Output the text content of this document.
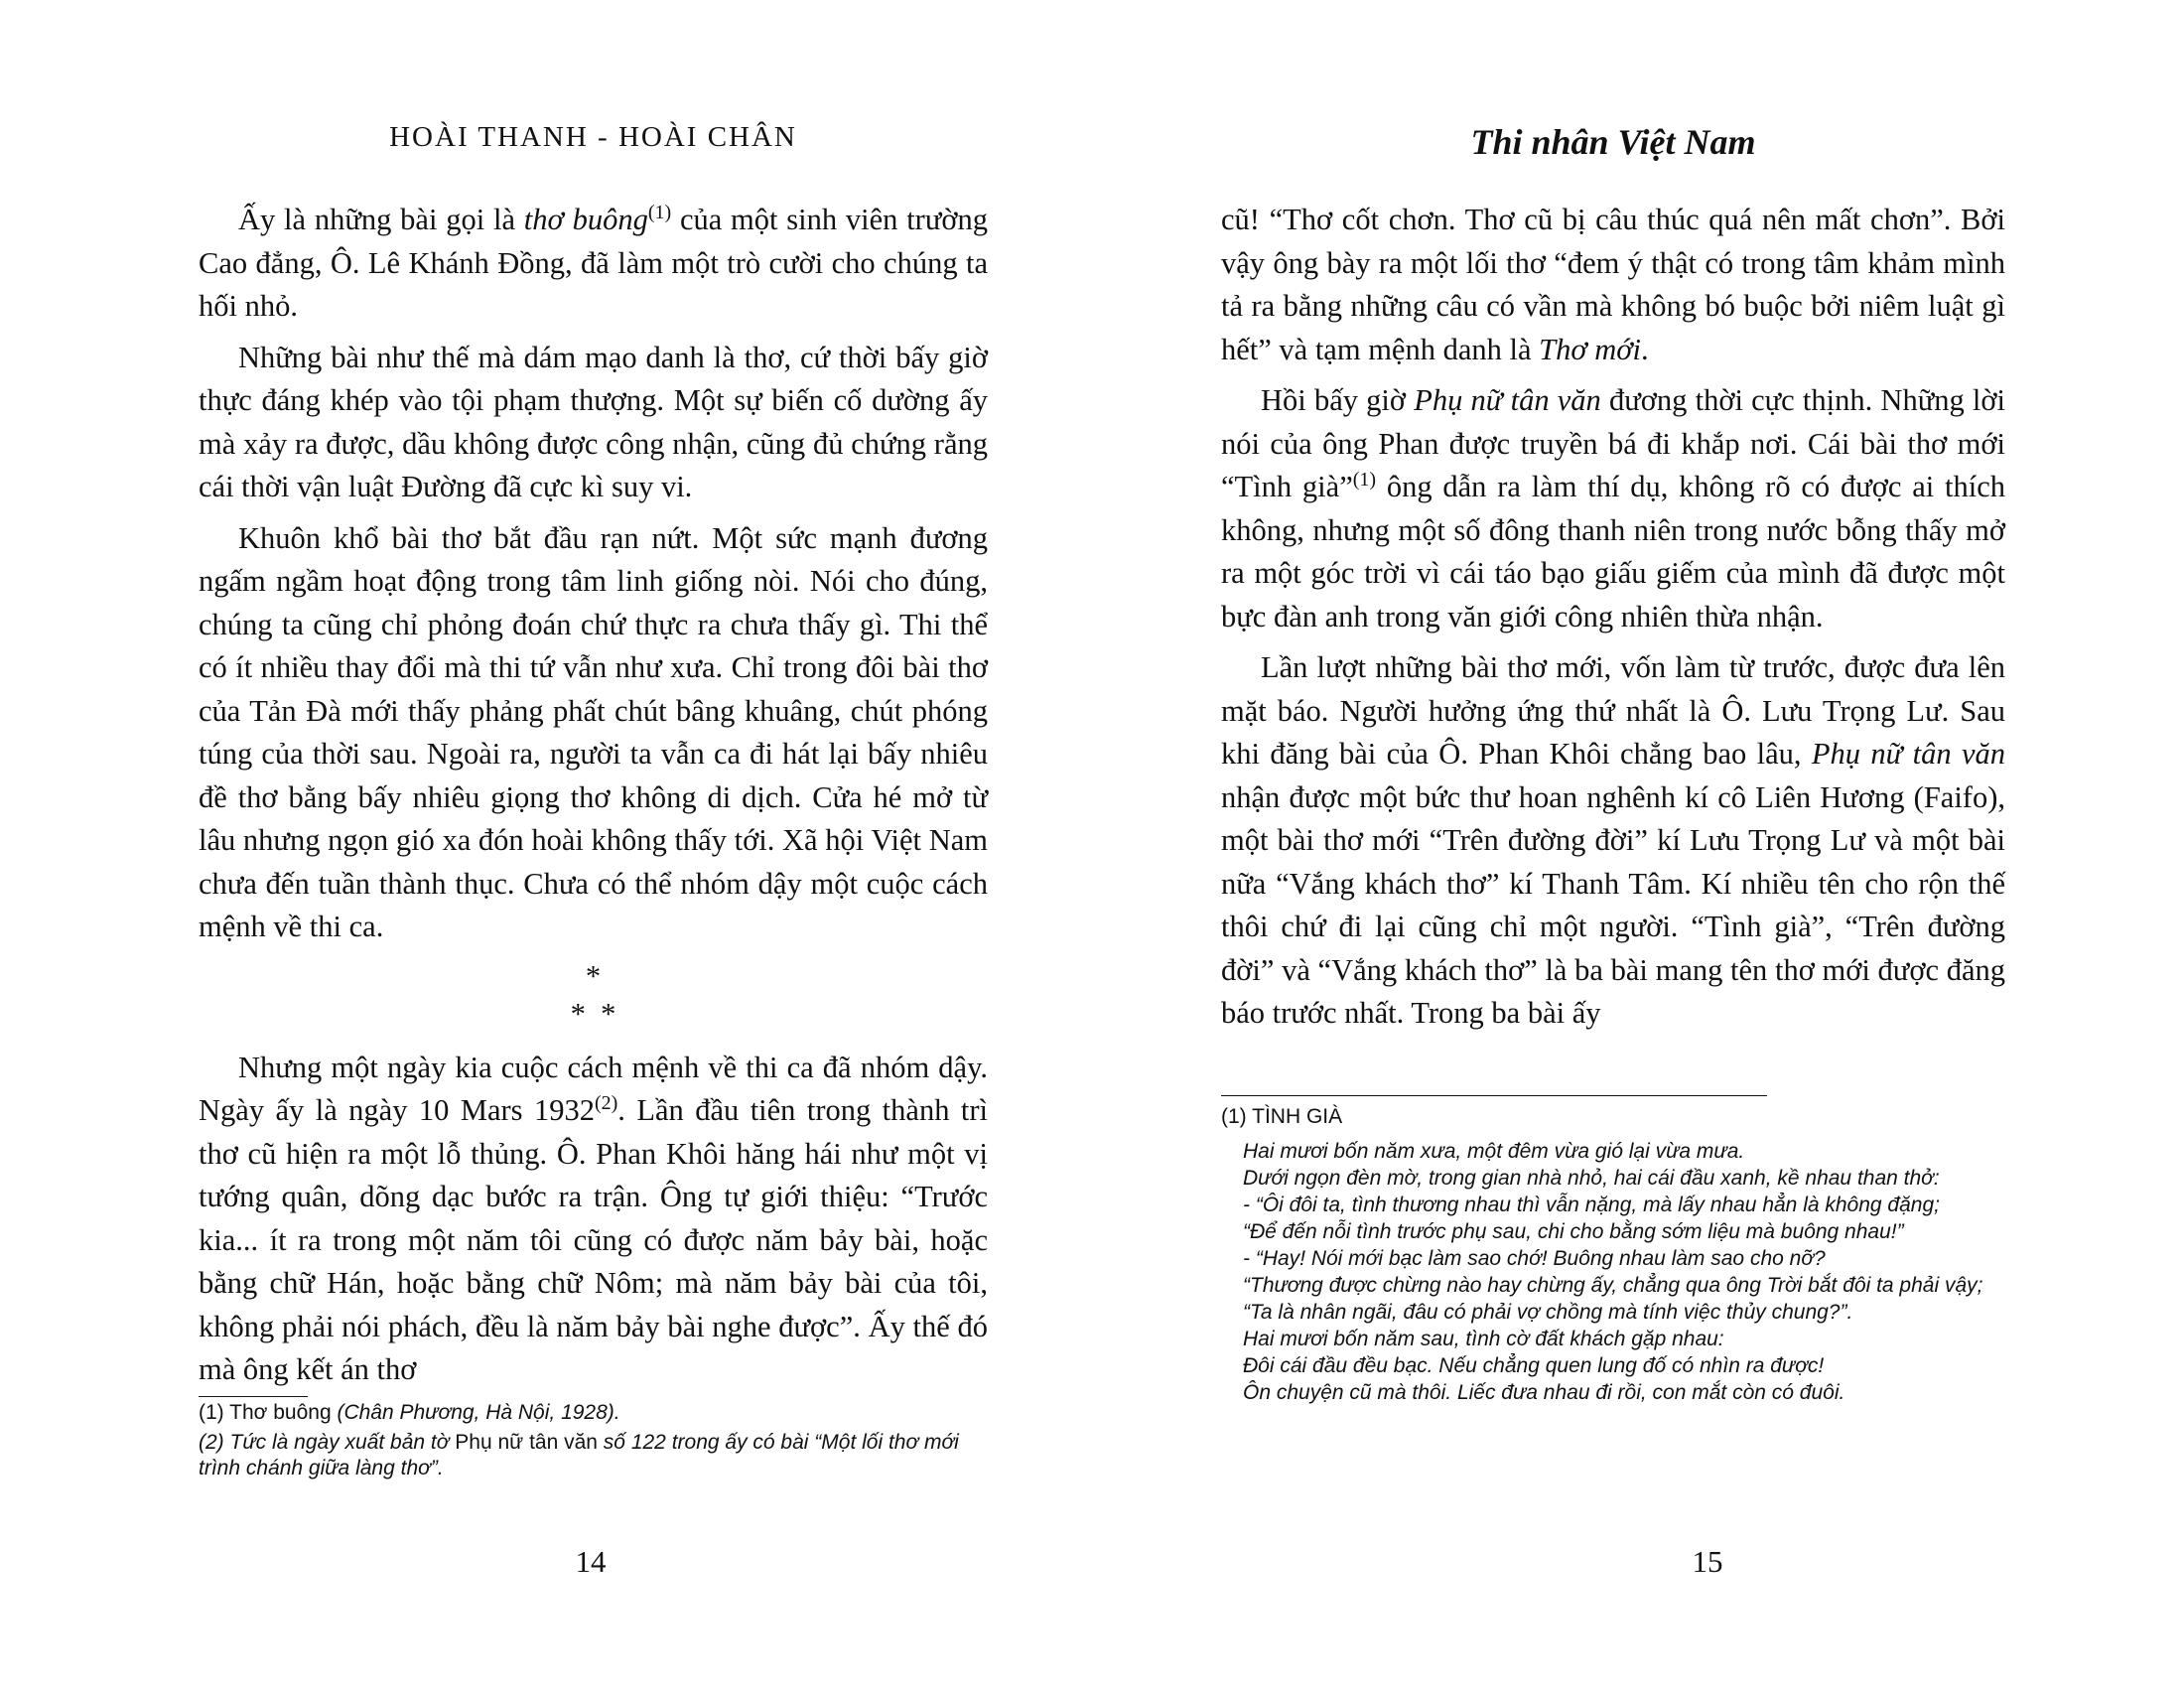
HOÀI THANH - HOÀI CHÂN

Ấy là những bài gọi là thơ buông$^{(1)}$ của một sinh viên trường Cao đẳng, Ô. Lê Khánh Đồng, đã làm một trò cười cho chúng ta hối nhỏ.

Những bài như thế mà dám mạo danh là thơ, cứ thời bấy giờ thực đáng khép vào tội phạm thượng. Một sự biến cố dường ấy mà xảy ra được, dầu không được công nhận, cũng đủ chứng rằng cái thời vận luật Đường đã cực kì suy vi.

Khuôn khổ bài thơ bắt đầu rạn nứt. Một sức mạnh đương ngấm ngầm hoạt động trong tâm linh giống nòi. Nói cho đúng, chúng ta cũng chỉ phỏng đoán chứ thực ra chưa thấy gì. Thi thể có ít nhiều thay đổi mà thi tứ vẫn như xưa. Chỉ trong đôi bài thơ của Tản Đà mới thấy phảng phất chút bâng khuâng, chút phóng túng của thời sau. Ngoài ra, người ta vẫn ca đi hát lại bấy nhiêu đề thơ bằng bấy nhiêu giọng thơ không di dịch. Cửa hé mở từ lâu nhưng ngọn gió xa đón hoài không thấy tới. Xã hội Việt Nam chưa đến tuần thành thục. Chưa có thể nhóm dậy một cuộc cách mệnh về thi ca.

*
*  *

Nhưng một ngày kia cuộc cách mệnh về thi ca đã nhóm dậy. Ngày ấy là ngày 10 Mars 1932$^{(2)}$. Lần đầu tiên trong thành trì thơ cũ hiện ra một lỗ thủng. Ô. Phan Khôi hăng hái như một vị tướng quân, dõng dạc bước ra trận. Ông tự giới thiệu: “Trước kia... ít ra trong một năm tôi cũng có được năm bảy bài, hoặc bằng chữ Hán, hoặc bằng chữ Nôm; mà năm bảy bài của tôi, không phải nói phách, đều là năm bảy bài nghe được”. Ấy thế đó mà ông kết án thơ

(1) Thơ buông (Chân Phương, Hà Nội, 1928).

(2) Tức là ngày xuất bản tờ Phụ nữ tân văn số 122 trong ấy có bài “Một lối thơ mới trình chánh giữa làng thơ”.

14
Thi nhân Việt Nam

cũ! “Thơ cốt chơn. Thơ cũ bị câu thúc quá nên mất chơn”. Bởi vậy ông bày ra một lối thơ “đem ý thật có trong tâm khảm mình tả ra bằng những câu có vần mà không bó buộc bởi niêm luật gì hết” và tạm mệnh danh là Thơ mới.

Hồi bấy giờ Phụ nữ tân văn đương thời cực thịnh. Những lời nói của ông Phan được truyền bá đi khắp nơi. Cái bài thơ mới “Tình già”$^{(1)}$ ông dẫn ra làm thí dụ, không rõ có được ai thích không, nhưng một số đông thanh niên trong nước bỗng thấy mở ra một góc trời vì cái táo bạo giấu giếm của mình đã được một bực đàn anh trong văn giới công nhiên thừa nhận.

Lần lượt những bài thơ mới, vốn làm từ trước, được đưa lên mặt báo. Người hưởng ứng thứ nhất là Ô. Lưu Trọng Lư. Sau khi đăng bài của Ô. Phan Khôi chẳng bao lâu, Phụ nữ tân văn nhận được một bức thư hoan nghênh kí cô Liên Hương (Faifo), một bài thơ mới “Trên đường đời” kí Lưu Trọng Lư và một bài nữa “Vắng khách thơ” kí Thanh Tâm. Kí nhiều tên cho rộn thế thôi chứ đi lại cũng chỉ một người. “Tình già”, “Trên đường đời” và “Vắng khách thơ” là ba bài mang tên thơ mới được đăng báo trước nhất. Trong ba bài ấy

(1) TÌNH GIÀ

Hai mươi bốn năm xưa, một đêm vừa gió lại vừa mưa.

Dưới ngọn đèn mờ, trong gian nhà nhỏ, hai cái đầu xanh, kề nhau than thở:

- “Ôi đôi ta, tình thương nhau thì vẫn nặng, mà lấy nhau hẳn là không đặng;

“Để đến nỗi tình trước phụ sau, chi cho bằng sớm liệu mà buông nhau!”

- “Hay! Nói mới bạc làm sao chớ! Buông nhau làm sao cho nỡ?

“Thương được chừng nào hay chừng ấy, chẳng qua ông Trời bắt đôi ta phải vậy;

“Ta là nhân ngãi, đâu có phải vợ chồng mà tính việc thủy chung?”.

Hai mươi bốn năm sau, tình cờ đất khách gặp nhau:

Đôi cái đầu đều bạc. Nếu chẳng quen lung đố có nhìn ra được!

Ôn chuyện cũ mà thôi. Liếc đưa nhau đi rồi, con mắt còn có đuôi.

15
